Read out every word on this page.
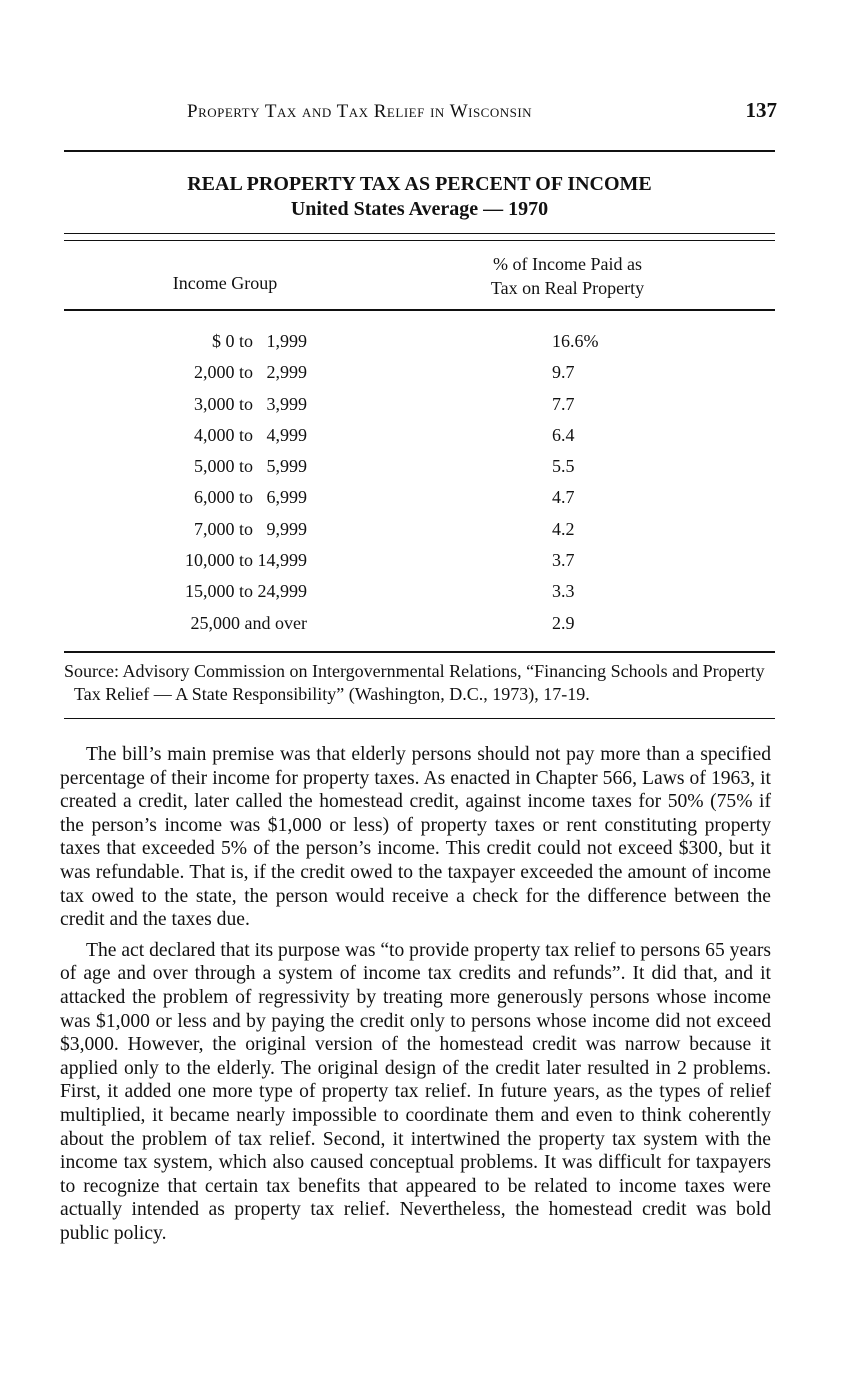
Property Tax and Tax Relief in Wisconsin	137
REAL PROPERTY TAX AS PERCENT OF INCOME
United States Average — 1970
Income Group
% of Income Paid as
Tax on Real Property
$ 0 to   1,999	16.6%
2,000 to   2,999	9.7
3,000 to   3,999	7.7
4,000 to   4,999	6.4
5,000 to   5,999	5.5
6,000 to   6,999	4.7
7,000 to   9,999	4.2
10,000 to 14,999	3.7
15,000 to 24,999	3.3
25,000 and over	2.9

Source: Advisory Commission on Intergovernmental Relations, “Financing Schools and Property Tax Relief — A State Responsibility” (Washington, D.C., 1973), 17-19.

The bill’s main premise was that elderly persons should not pay more than a specified percentage of their income for property taxes. As enacted in Chapter 566, Laws of 1963, it created a credit, later called the homestead credit, against income taxes for 50% (75% if the person’s income was $1,000 or less) of property taxes or rent constituting property taxes that exceeded 5% of the person’s income. This credit could not exceed $300, but it was refundable. That is, if the credit owed to the taxpayer exceeded the amount of income tax owed to the state, the person would receive a check for the difference between the credit and the taxes due.

The act declared that its purpose was “to provide property tax relief to persons 65 years of age and over through a system of income tax credits and refunds”. It did that, and it attacked the problem of regressivity by treating more generously persons whose income was $1,000 or less and by paying the credit only to persons whose income did not exceed $3,000. However, the original version of the homestead credit was narrow because it applied only to the elderly. The original design of the credit later resulted in 2 problems. First, it added one more type of property tax relief. In future years, as the types of relief multiplied, it became nearly impossible to coordinate them and even to think coherently about the problem of tax relief. Second, it intertwined the property tax system with the income tax system, which also caused conceptual problems. It was difficult for taxpayers to recognize that certain tax benefits that appeared to be related to income taxes were actually intended as property tax relief. Nevertheless, the homestead credit was bold public policy.
